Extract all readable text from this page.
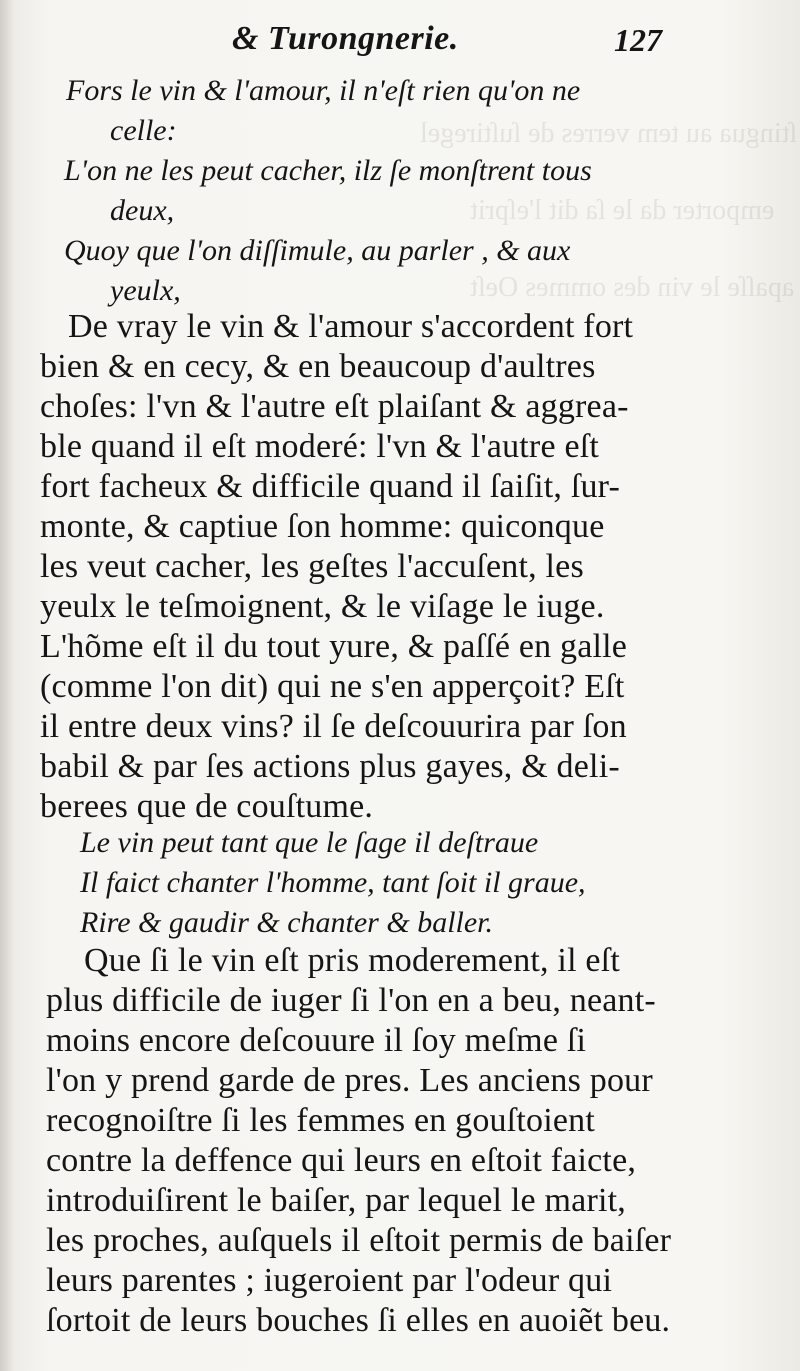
ſtingua au tem verres de ſuſtiregel
emporter da le ſa dit l'eſprit
apaſſe le vin des ommes Oeſt
& Turongnerie.	127
Fors le vin & l'amour, il n'eſt rien qu'on ne
celle:
L'on ne les peut cacher, ilz ſe monſtrent tous
deux,
Quoy que l'on diſſimule, au parler , & aux
yeulx,
De vray le vin & l'amour s'accordent fort
bien & en cecy, & en beaucoup d'aultres
choſes: l'vn & l'autre eſt plaiſant & aggrea-
ble quand il eſt moderé: l'vn & l'autre eſt
fort facheux & difficile quand il ſaiſit, ſur-
monte, & captiue ſon homme: quiconque
les veut cacher, les geſtes l'accuſent, les
yeulx le teſmoignent, & le viſage le iuge.
L'hõme eſt il du tout yure, & paſſé en galle
(comme l'on dit) qui ne s'en apperçoit? Eſt
il entre deux vins? il ſe deſcouurira par ſon
babil & par ſes actions plus gayes, & deli-
berees que de couſtume.
Le vin peut tant que le ſage il deſtraue
Il faict chanter l'homme, tant ſoit il graue,
Rire & gaudir & chanter & baller.
Que ſi le vin eſt pris moderement, il eſt
plus difficile de iuger ſi l'on en a beu, neant-
moins encore deſcouure il ſoy meſme ſi
l'on y prend garde de pres. Les anciens pour
recognoiſtre ſi les femmes en gouſtoient
contre la deffence qui leurs en eſtoit faicte,
introduiſirent le baiſer, par lequel le marit,
les proches, auſquels il eſtoit permis de baiſer
leurs parentes ; iugeroient par l'odeur qui
ſortoit de leurs bouches ſi elles en auoiẽt beu.
